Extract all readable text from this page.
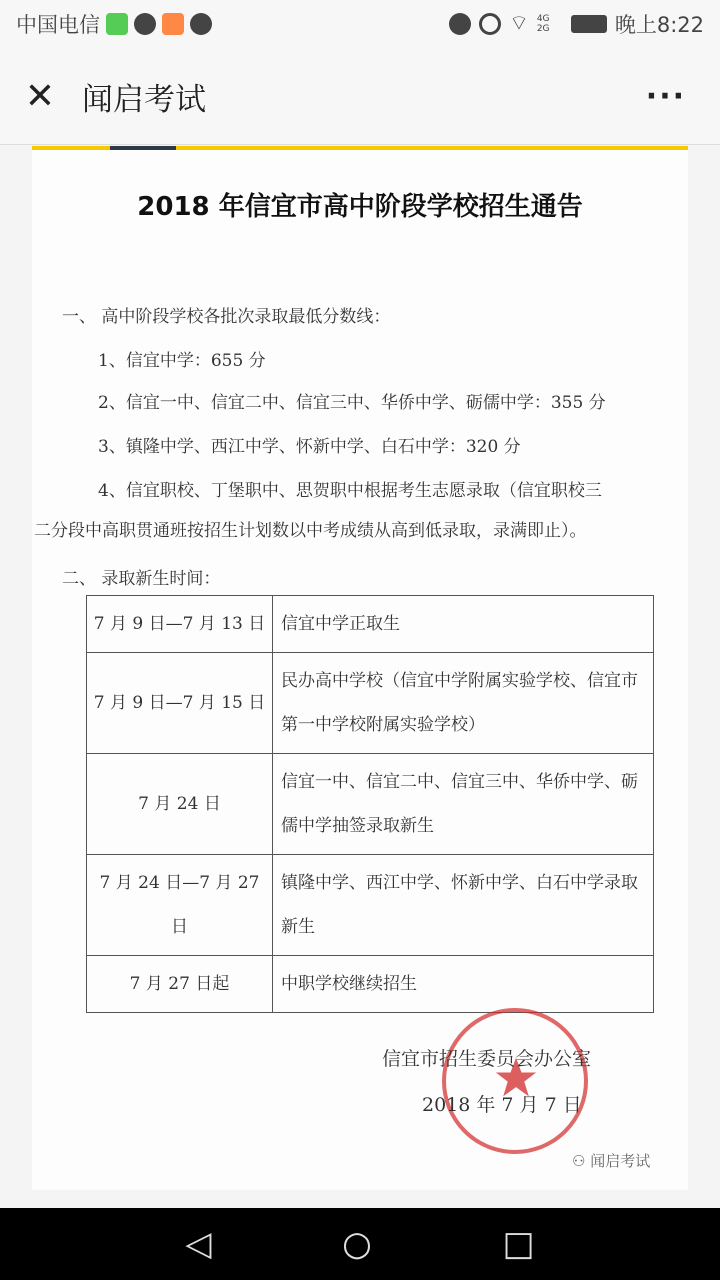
中国电信	⌔ 4G 2G	晚上8:22
✕ 闻启考试	···
2018 年信宜市高中阶段学校招生通告
一、 高中阶段学校各批次录取最低分数线：
1、信宜中学：655 分
2、信宜一中、信宜二中、信宜三中、华侨中学、砺儒中学：355 分
3、镇隆中学、西江中学、怀新中学、白石中学：320 分
4、信宜职校、丁堡职中、思贺职中根据考生志愿录取（信宜职校三
二分段中高职贯通班按招生计划数以中考成绩从高到低录取，录满即止）。
二、 录取新生时间：
7 月 9 日—7 月 13 日	信宜中学正取生
7 月 9 日—7 月 15 日	民办高中学校（信宜中学附属实验学校、信宜市第一中学校附属实验学校）
7 月 24 日	信宜一中、信宜二中、信宜三中、华侨中学、砺儒中学抽签录取新生
7 月 24 日—7 月 27 日	镇隆中学、西江中学、怀新中学、白石中学录取新生
7 月 27 日起	中职学校继续招生
信宜市招生委员会办公室
2018 年 7 月 7 日
⚇ 闻启考试
◁	○	□
